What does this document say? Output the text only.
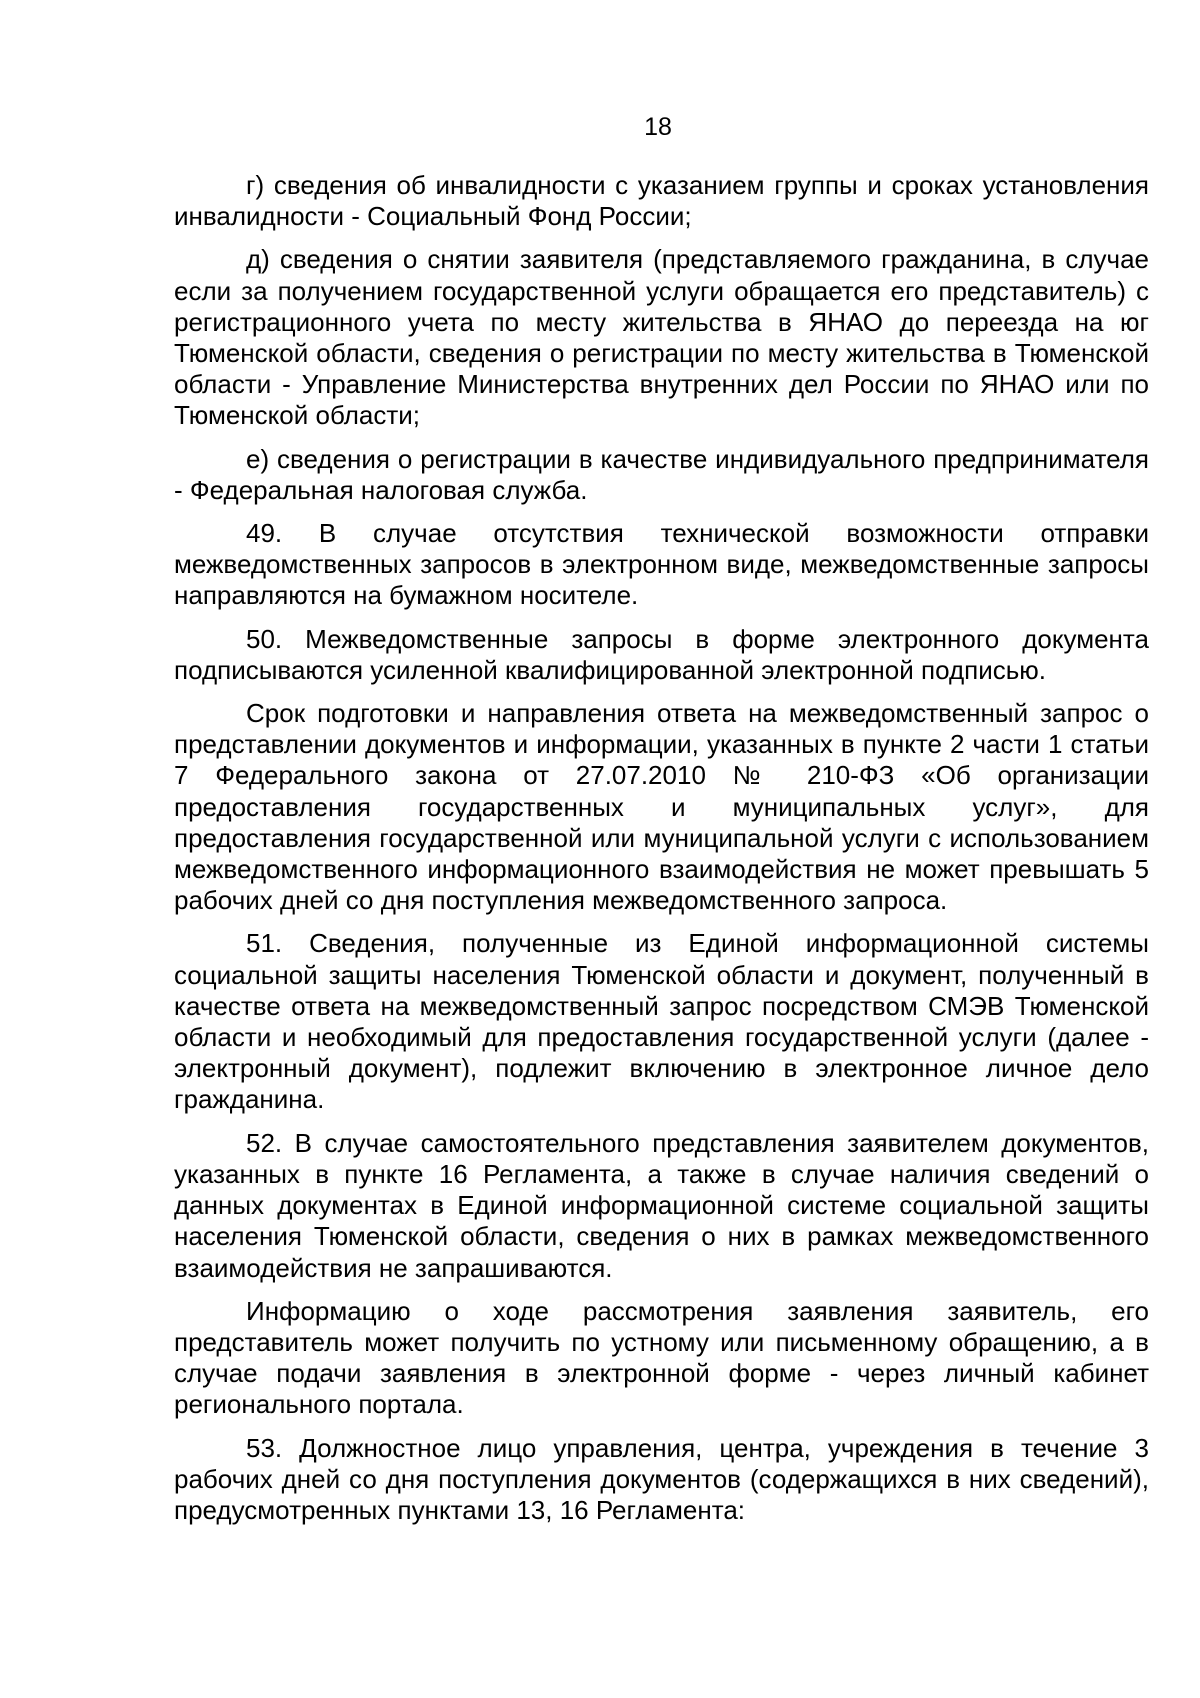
18

г) сведения об инвалидности с указанием группы и сроках установления инвалидности - Социальный Фонд России;

д) сведения о снятии заявителя (представляемого гражданина, в случае если за получением государственной услуги обращается его представитель) с регистрационного учета по месту жительства в ЯНАО до переезда на юг Тюменской области, сведения о регистрации по месту жительства в Тюменской области - Управление Министерства внутренних дел России по ЯНАО или по Тюменской области;

е) сведения о регистрации в качестве индивидуального предпринимателя - Федеральная налоговая служба.

49. В случае отсутствия технической возможности отправки межведомственных запросов в электронном виде, межведомственные запросы направляются на бумажном носителе.

50. Межведомственные запросы в форме электронного документа подписываются усиленной квалифицированной электронной подписью.

Срок подготовки и направления ответа на межведомственный запрос о представлении документов и информации, указанных в пункте 2 части 1 статьи 7 Федерального закона от 27.07.2010 № 210-ФЗ «Об организации предоставления государственных и муниципальных услуг», для предоставления государственной или муниципальной услуги с использованием межведомственного информационного взаимодействия не может превышать 5 рабочих дней со дня поступления межведомственного запроса.

51. Сведения, полученные из Единой информационной системы социальной защиты населения Тюменской области и документ, полученный в качестве ответа на межведомственный запрос посредством СМЭВ Тюменской области и необходимый для предоставления государственной услуги (далее - электронный документ), подлежит включению в электронное личное дело гражданина.

52. В случае самостоятельного представления заявителем документов, указанных в пункте 16 Регламента, а также в случае наличия сведений о данных документах в Единой информационной системе социальной защиты населения Тюменской области, сведения о них в рамках межведомственного взаимодействия не запрашиваются.

Информацию о ходе рассмотрения заявления заявитель, его представитель может получить по устному или письменному обращению, а в случае подачи заявления в электронной форме - через личный кабинет регионального портала.

53. Должностное лицо управления, центра, учреждения в течение 3 рабочих дней со дня поступления документов (содержащихся в них сведений), предусмотренных пунктами 13, 16 Регламента:
